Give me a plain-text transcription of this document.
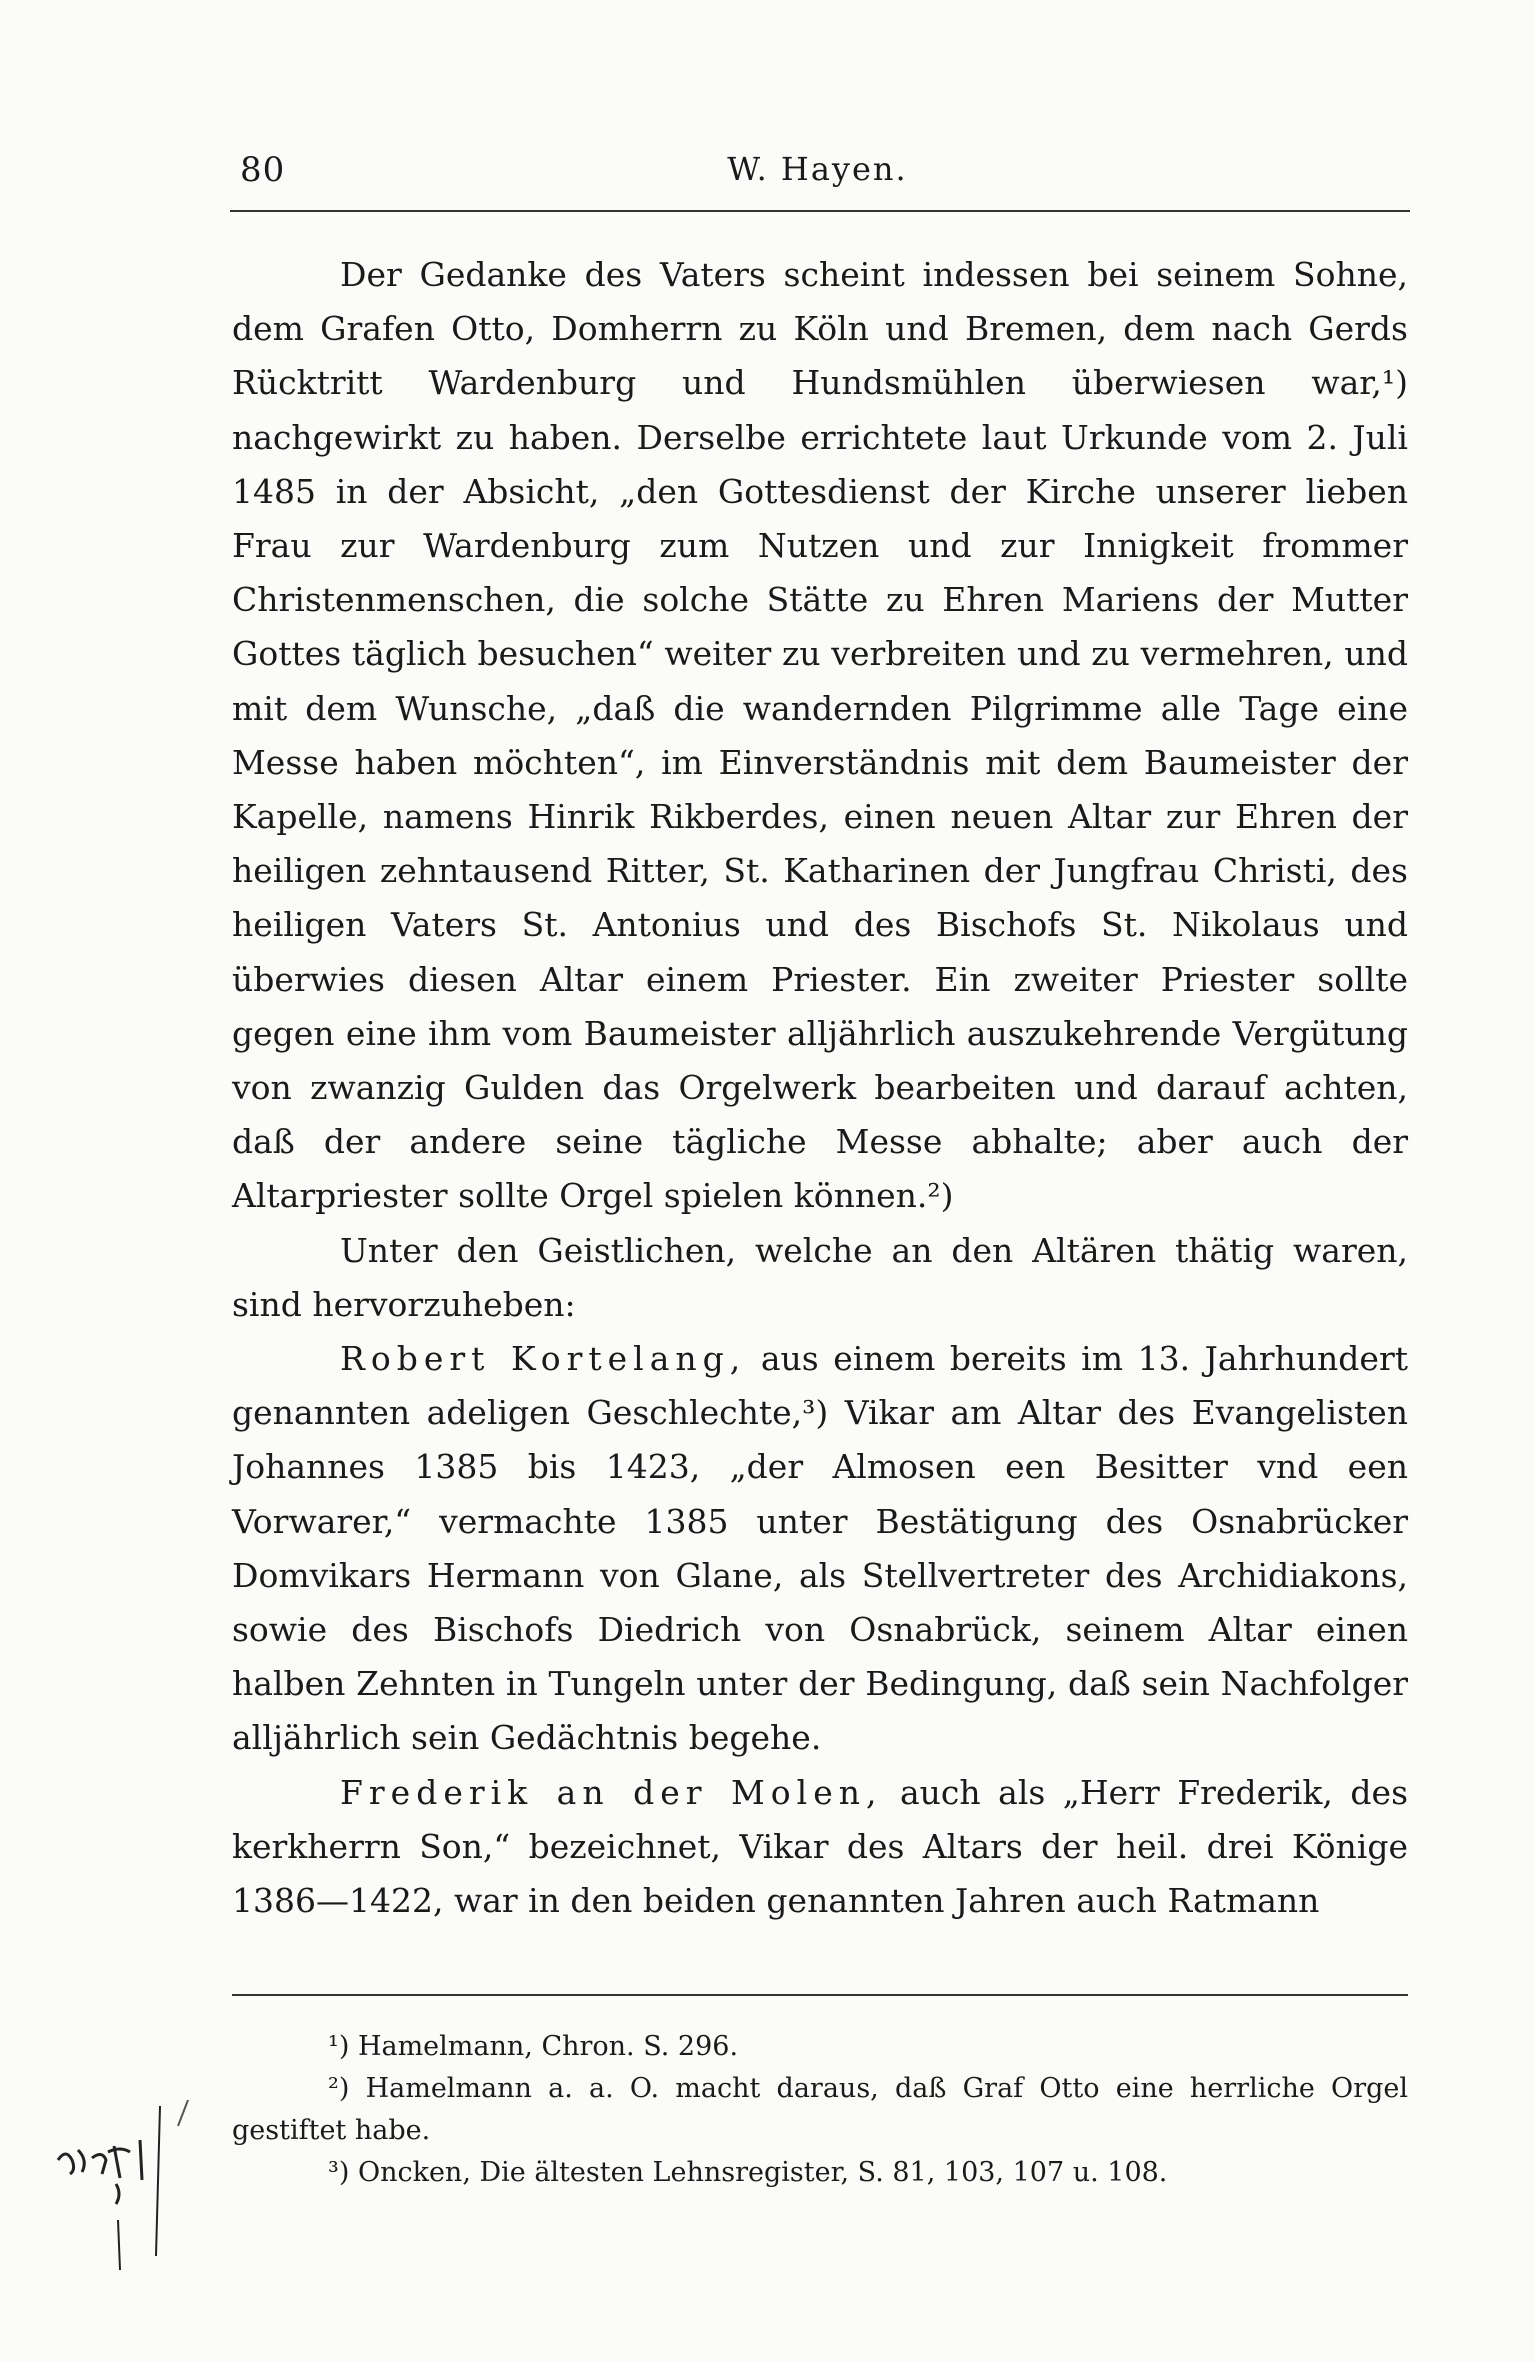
80	W. Hayen.

Der Gedanke des Vaters scheint indessen bei seinem Sohne, dem Grafen Otto, Domherrn zu Köln und Bremen, dem nach Gerds Rücktritt Wardenburg und Hundsmühlen überwiesen war,¹) nachgewirkt zu haben. Derselbe errichtete laut Urkunde vom 2. Juli 1485 in der Absicht, „den Gottesdienst der Kirche unserer lieben Frau zur Wardenburg zum Nutzen und zur Innigkeit frommer Christenmenschen, die solche Stätte zu Ehren Mariens der Mutter Gottes täglich besuchen“ weiter zu verbreiten und zu vermehren, und mit dem Wunsche, „daß die wandernden Pilgrimme alle Tage eine Messe haben möchten“, im Einverständnis mit dem Baumeister der Kapelle, namens Hinrik Rikberdes, einen neuen Altar zur Ehren der heiligen zehntausend Ritter, St. Katharinen der Jungfrau Christi, des heiligen Vaters St. Antonius und des Bischofs St. Nikolaus und überwies diesen Altar einem Priester. Ein zweiter Priester sollte gegen eine ihm vom Baumeister alljährlich auszukehrende Vergütung von zwanzig Gulden das Orgelwerk bearbeiten und darauf achten, daß der andere seine tägliche Messe abhalte; aber auch der Altarpriester sollte Orgel spielen können.²)

Unter den Geistlichen, welche an den Altären thätig waren, sind hervorzuheben:

Robert Kortelang, aus einem bereits im 13. Jahrhundert genannten adeligen Geschlechte,³) Vikar am Altar des Evangelisten Johannes 1385 bis 1423, „der Almosen een Besitter vnd een Vorwarer,“ vermachte 1385 unter Bestätigung des Osnabrücker Domvikars Hermann von Glane, als Stellvertreter des Archidiakons, sowie des Bischofs Diedrich von Osnabrück, seinem Altar einen halben Zehnten in Tungeln unter der Bedingung, daß sein Nachfolger alljährlich sein Gedächtnis begehe.

Frederik an der Molen, auch als „Herr Frederik, des kerkherrn Son,“ bezeichnet, Vikar des Altars der heil. drei Könige 1386—1422, war in den beiden genannten Jahren auch Ratmann

¹) Hamelmann, Chron. S. 296.

²) Hamelmann a. a. O. macht daraus, daß Graf Otto eine herrliche Orgel gestiftet habe.

³) Oncken, Die ältesten Lehnsregister, S. 81, 103, 107 u. 108.
